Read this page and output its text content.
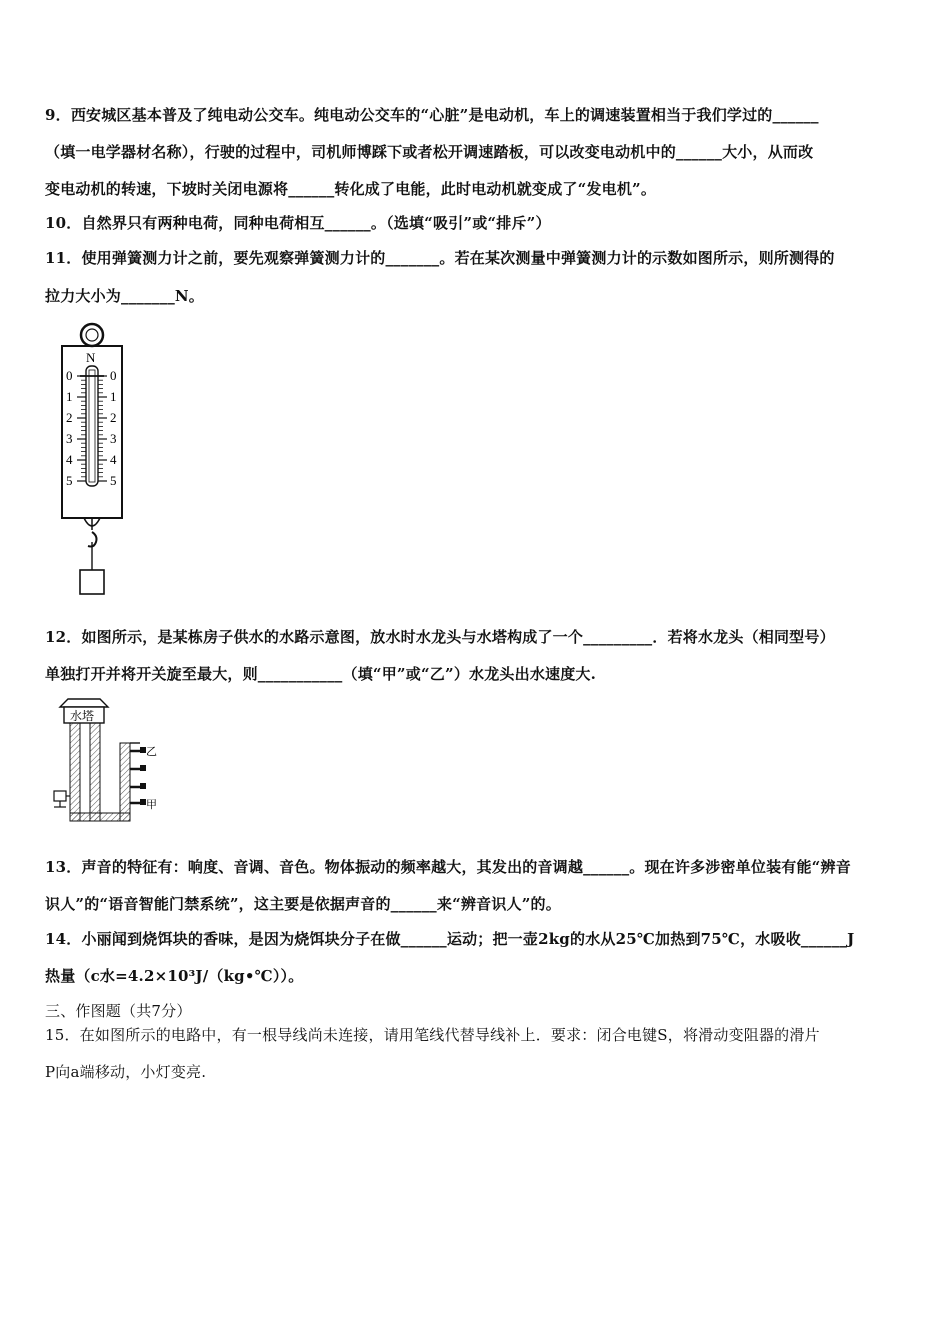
9．西安城区基本普及了纯电动公交车。纯电动公交车的“心脏”是电动机，车上的调速装置相当于我们学过的______
（填一电学器材名称），行驶的过程中，司机师博踩下或者松开调速踏板，可以改变电动机中的______大小，从而改
变电动机的转速，下坡时关闭电源将______转化成了电能，此时电动机就变成了“发电机”。
10．自然界只有两种电荷，同种电荷相互______。（选填“吸引”或“排斥”）
11．使用弹簧测力计之前，要先观察弹簧测力计的_______。若在某次测量中弹簧测力计的示数如图所示，则所测得的
拉力大小为_______N。
N
0	0
1	1
2	2
3	3
4	4
5	5
12．如图所示，是某栋房子供水的水路示意图，放水时水龙头与水塔构成了一个_________．若将水龙头（相同型号）
单独打开并将开关旋至最大，则___________（填“甲”或“乙”）水龙头出水速度大.
水塔
乙
甲
13．声音的特征有：响度、音调、音色。物体振动的频率越大，其发出的音调越______。现在许多涉密单位装有能“辨音
识人”的“语音智能门禁系统”，这主要是依据声音的______来“辨音识人”的。
14．小丽闻到烧饵块的香味，是因为烧饵块分子在做______运动；把一壶2kg的水从25℃加热到75℃，水吸收______J
热量（c水=4.2×10³J/（kg•℃））。
三、作图题（共7分）
15．在如图所示的电路中，有一根导线尚未连接，请用笔线代替导线补上．要求：闭合电键S，将滑动变阻器的滑片
P向a端移动，小灯变亮.
